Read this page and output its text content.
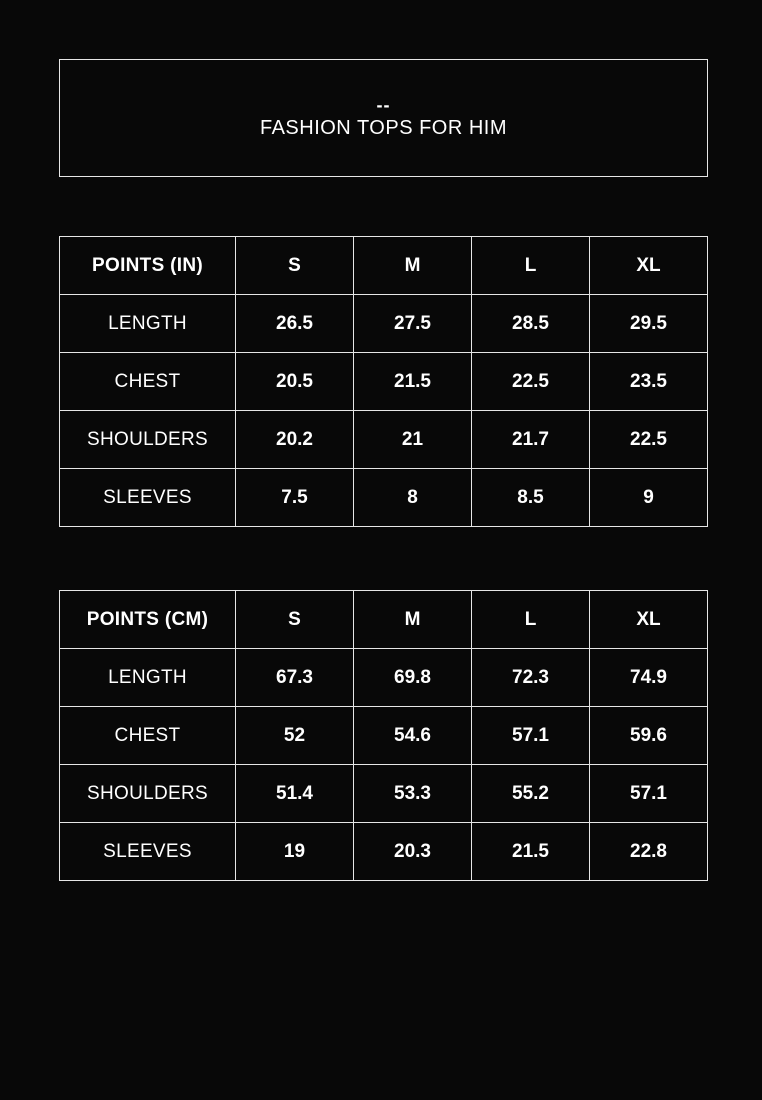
--
FASHION TOPS FOR HIM
POINTS (IN)	S	M	L	XL
LENGTH	26.5	27.5	28.5	29.5
CHEST	20.5	21.5	22.5	23.5
SHOULDERS	20.2	21	21.7	22.5
SLEEVES	7.5	8	8.5	9
POINTS (CM)	S	M	L	XL
LENGTH	67.3	69.8	72.3	74.9
CHEST	52	54.6	57.1	59.6
SHOULDERS	51.4	53.3	55.2	57.1
SLEEVES	19	20.3	21.5	22.8
